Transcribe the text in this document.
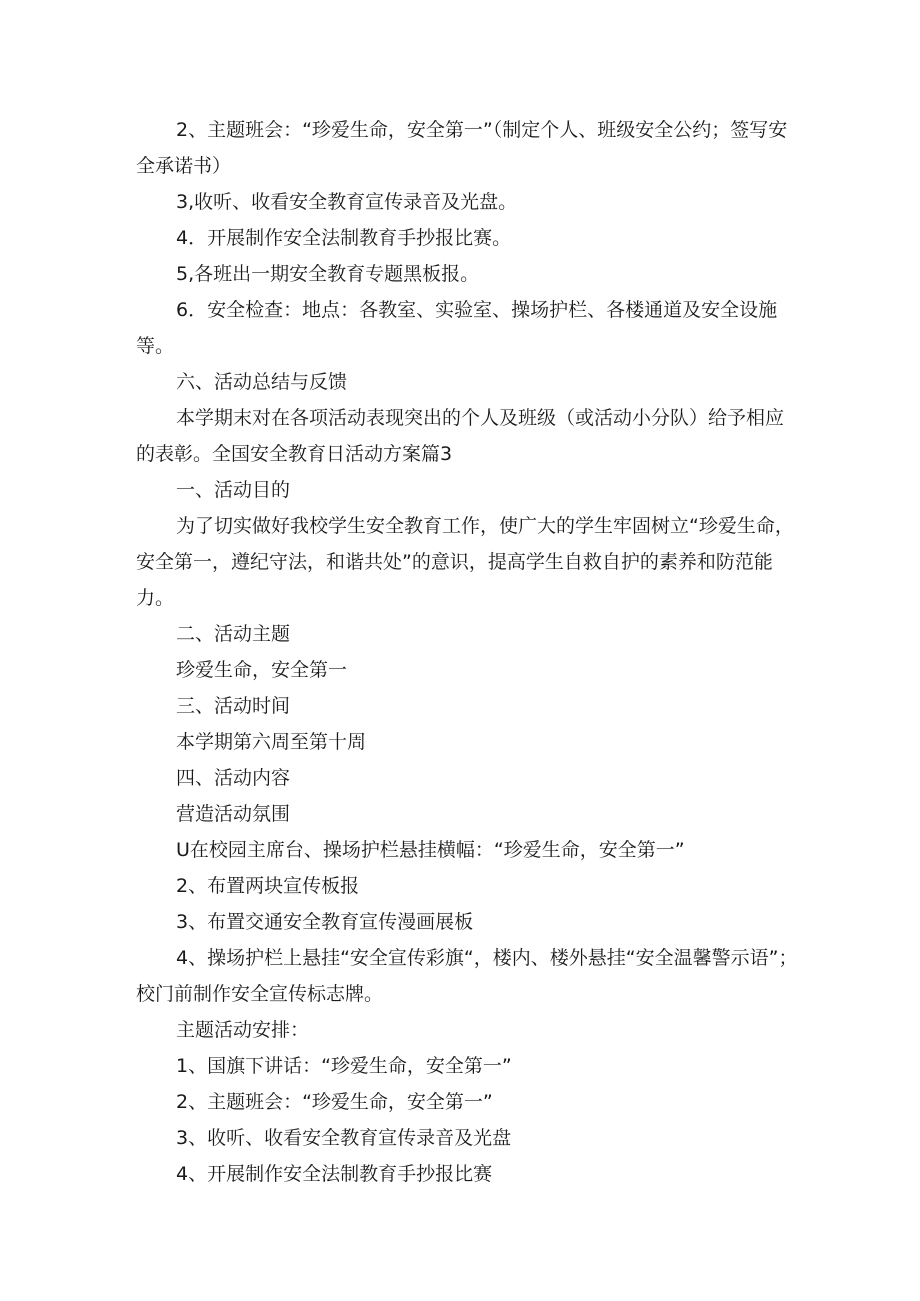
2、主题班会：“珍爱生命，安全第一”（制定个人、班级安全公约；签写安全承诺书）

3,收听、收看安全教育宣传录音及光盘。

4．开展制作安全法制教育手抄报比赛。

5,各班出一期安全教育专题黑板报。

6．安全检查：地点：各教室、实验室、操场护栏、各楼通道及安全设施等。

六、活动总结与反馈

本学期末对在各项活动表现突出的个人及班级（或活动小分队）给予相应的表彰。全国安全教育日活动方案篇3

一、活动目的

为了切实做好我校学生安全教育工作，使广大的学生牢固树立“珍爱生命，安全第一，遵纪守法，和谐共处”的意识，提高学生自救自护的素养和防范能力。

二、活动主题

珍爱生命，安全第一

三、活动时间

本学期第六周至第十周

四、活动内容

营造活动氛围

U在校园主席台、操场护栏悬挂横幅：“珍爱生命，安全第一”

2、布置两块宣传板报

3、布置交通安全教育宣传漫画展板

4、操场护栏上悬挂“安全宣传彩旗“，楼内、楼外悬挂“安全温馨警示语”；校门前制作安全宣传标志牌。

主题活动安排：

1、国旗下讲话：“珍爱生命，安全第一”

2、主题班会：“珍爱生命，安全第一”

3、收听、收看安全教育宣传录音及光盘

4、开展制作安全法制教育手抄报比赛
